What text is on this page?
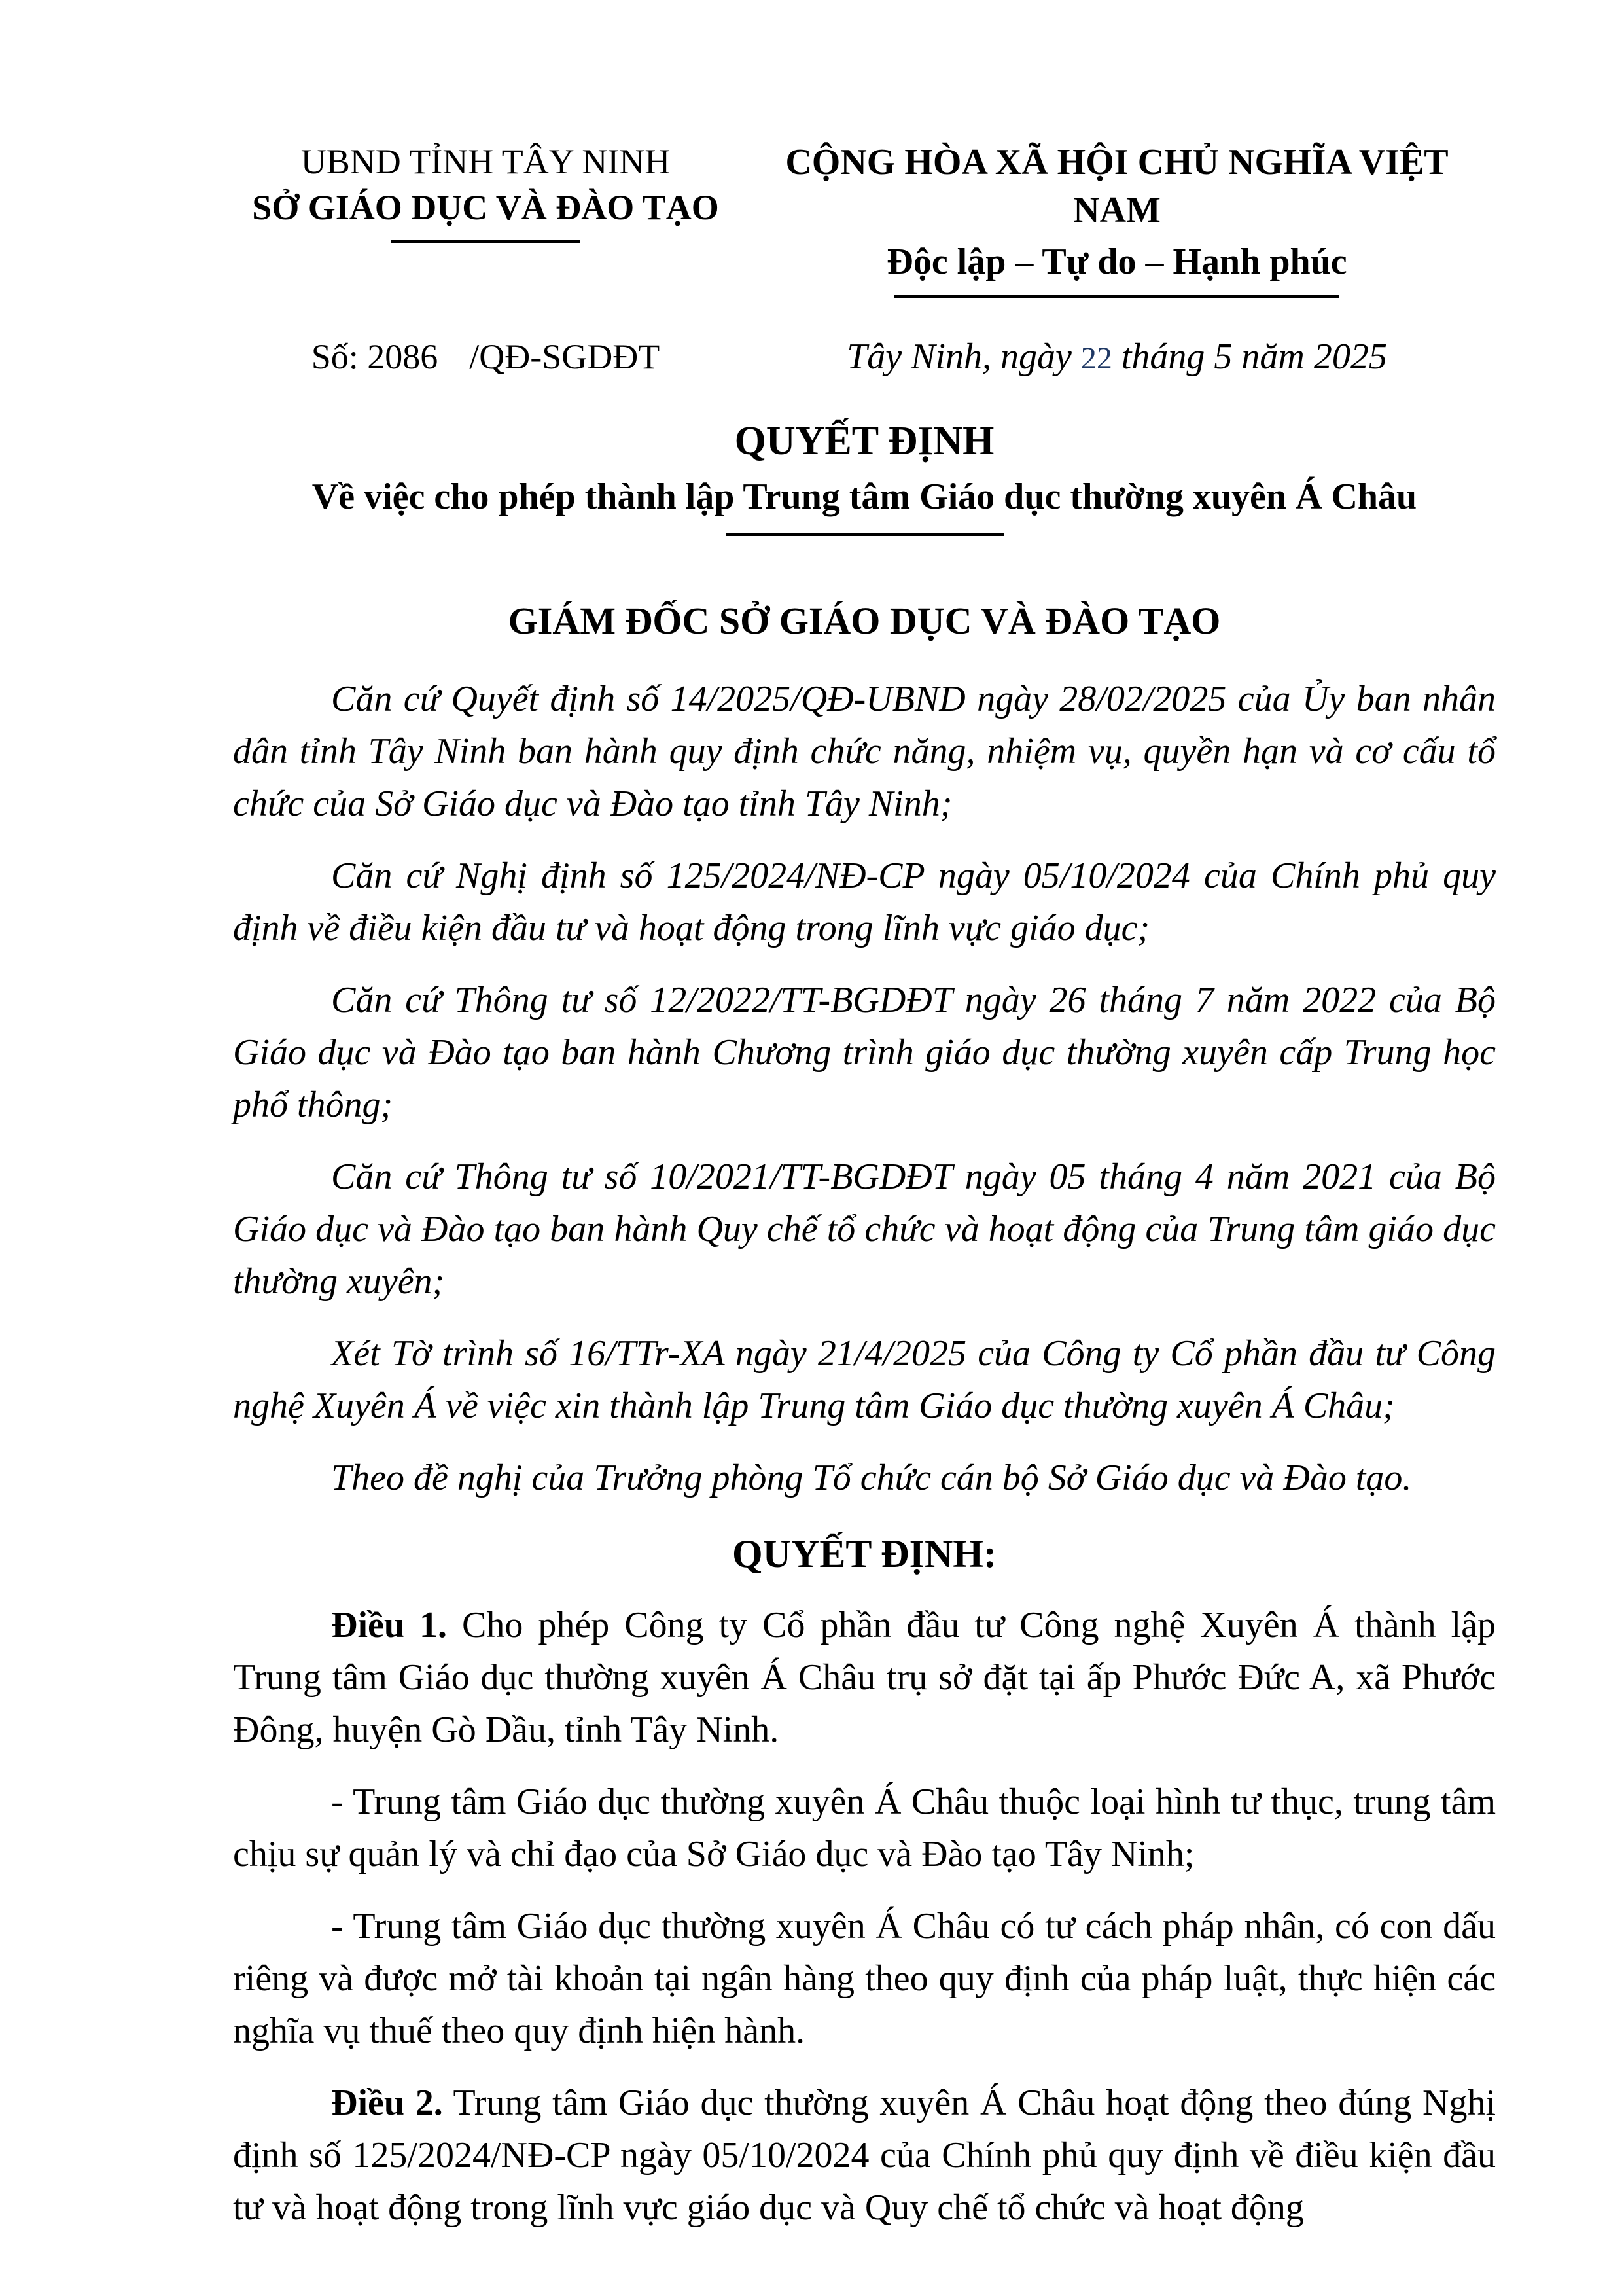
UBND TỈNH TÂY NINH
SỞ GIÁO DỤC VÀ ĐÀO TẠO
CỘNG HÒA XÃ HỘI CHỦ NGHĨA VIỆT NAM
Độc lập – Tự do – Hạnh phúc
Số: 2086 /QĐ-SGDĐT	Tây Ninh, ngày 22 tháng 5 năm 2025
QUYẾT ĐỊNH
Về việc cho phép thành lập Trung tâm Giáo dục thường xuyên Á Châu
GIÁM ĐỐC SỞ GIÁO DỤC VÀ ĐÀO TẠO

Căn cứ Quyết định số 14/2025/QĐ-UBND ngày 28/02/2025 của Ủy ban nhân dân tỉnh Tây Ninh ban hành quy định chức năng, nhiệm vụ, quyền hạn và cơ cấu tổ chức của Sở Giáo dục và Đào tạo tỉnh Tây Ninh;

Căn cứ Nghị định số 125/2024/NĐ-CP ngày 05/10/2024 của Chính phủ quy định về điều kiện đầu tư và hoạt động trong lĩnh vực giáo dục;

Căn cứ Thông tư số 12/2022/TT-BGDĐT ngày 26 tháng 7 năm 2022 của Bộ Giáo dục và Đào tạo ban hành Chương trình giáo dục thường xuyên cấp Trung học phổ thông;

Căn cứ Thông tư số 10/2021/TT-BGDĐT ngày 05 tháng 4 năm 2021 của Bộ Giáo dục và Đào tạo ban hành Quy chế tổ chức và hoạt động của Trung tâm giáo dục thường xuyên;

Xét Tờ trình số 16/TTr-XA ngày 21/4/2025 của Công ty Cổ phần đầu tư Công nghệ Xuyên Á về việc xin thành lập Trung tâm Giáo dục thường xuyên Á Châu;

Theo đề nghị của Trưởng phòng Tổ chức cán bộ Sở Giáo dục và Đào tạo.

QUYẾT ĐỊNH:

Điều 1. Cho phép Công ty Cổ phần đầu tư Công nghệ Xuyên Á thành lập Trung tâm Giáo dục thường xuyên Á Châu trụ sở đặt tại ấp Phước Đức A, xã Phước Đông, huyện Gò Dầu, tỉnh Tây Ninh.

- Trung tâm Giáo dục thường xuyên Á Châu thuộc loại hình tư thục, trung tâm chịu sự quản lý và chỉ đạo của Sở Giáo dục và Đào tạo Tây Ninh;

- Trung tâm Giáo dục thường xuyên Á Châu có tư cách pháp nhân, có con dấu riêng và được mở tài khoản tại ngân hàng theo quy định của pháp luật, thực hiện các nghĩa vụ thuế theo quy định hiện hành.

Điều 2. Trung tâm Giáo dục thường xuyên Á Châu hoạt động theo đúng Nghị định số 125/2024/NĐ-CP ngày 05/10/2024 của Chính phủ quy định về điều kiện đầu tư và hoạt động trong lĩnh vực giáo dục và Quy chế tổ chức và hoạt động
